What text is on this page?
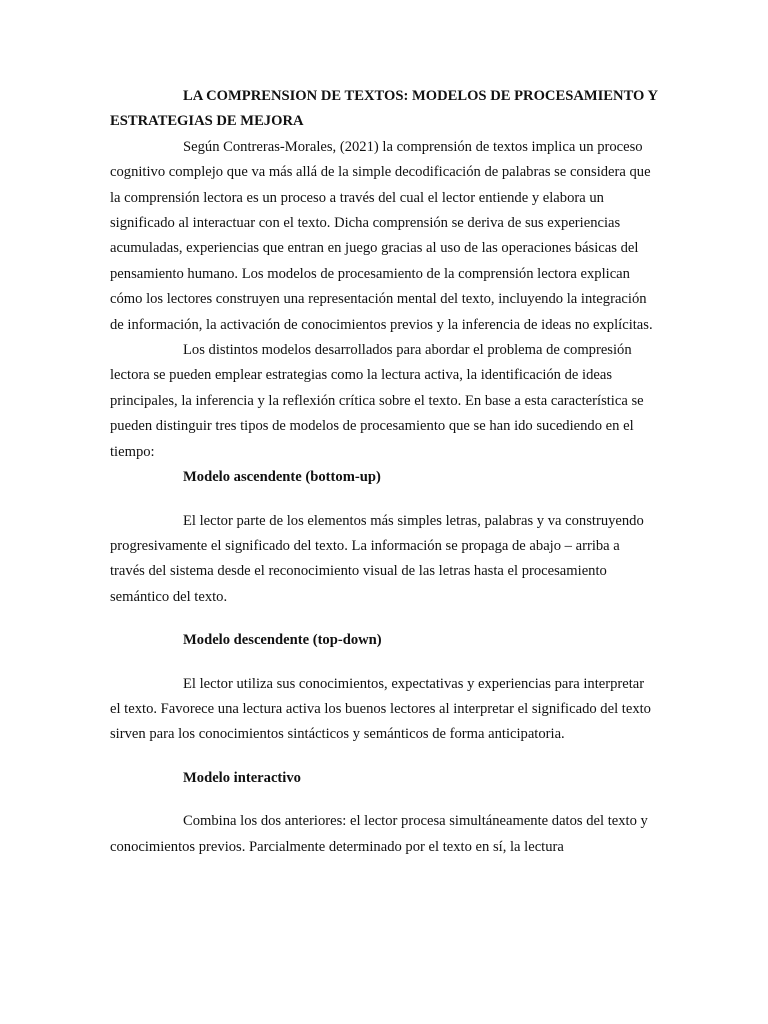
LA COMPRENSION DE TEXTOS: MODELOS DE PROCESAMIENTO Y ESTRATEGIAS DE MEJORA

Según Contreras-Morales, (2021) la comprensión de textos implica un proceso cognitivo complejo que va más allá de la simple decodificación de palabras se considera que la comprensión lectora es un proceso a través del cual el lector entiende y elabora un significado al interactuar con el texto. Dicha comprensión se deriva de sus experiencias acumuladas, experiencias que entran en juego gracias al uso de las operaciones básicas del pensamiento humano. Los modelos de procesamiento de la comprensión lectora explican cómo los lectores construyen una representación mental del texto, incluyendo la integración de información, la activación de conocimientos previos y la inferencia de ideas no explícitas.

Los distintos modelos desarrollados para abordar el problema de compresión lectora se pueden emplear estrategias como la lectura activa, la identificación de ideas principales, la inferencia y la reflexión crítica sobre el texto. En base a esta característica se pueden distinguir tres tipos de modelos de procesamiento que se han ido sucediendo en el tiempo:

Modelo ascendente (bottom-up)

El lector parte de los elementos más simples letras, palabras y va construyendo progresivamente el significado del texto. La información se propaga de abajo – arriba a través del sistema desde el reconocimiento visual de las letras hasta el procesamiento semántico del texto.

Modelo descendente (top-down)

El lector utiliza sus conocimientos, expectativas y experiencias para interpretar el texto. Favorece una lectura activa los buenos lectores al interpretar el significado del texto sirven para los conocimientos sintácticos y semánticos de forma anticipatoria.

Modelo interactivo

Combina los dos anteriores: el lector procesa simultáneamente datos del texto y conocimientos previos. Parcialmente determinado por el texto en sí, la lectura
